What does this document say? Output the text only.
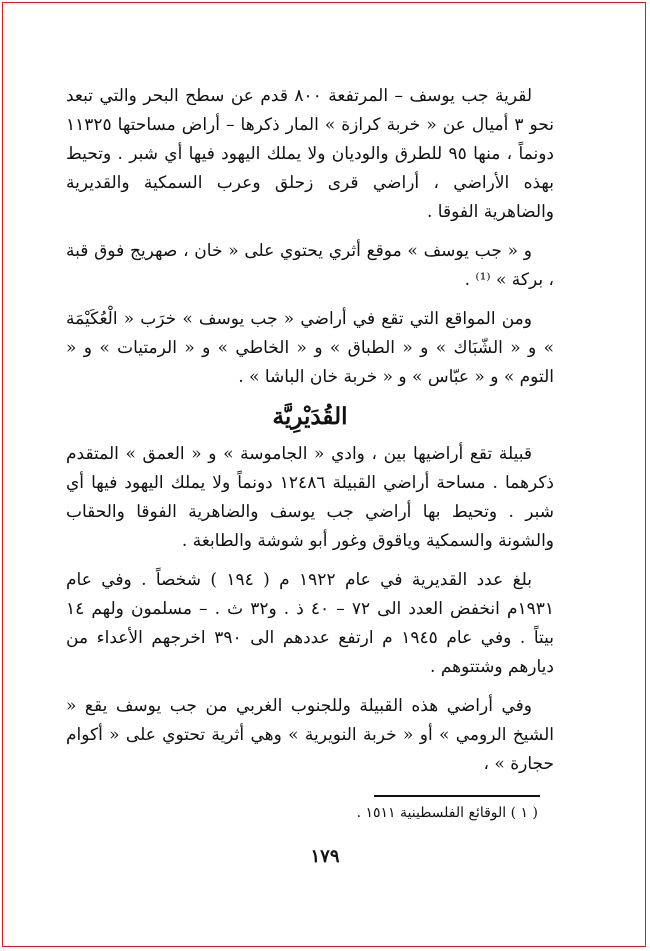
لقرية جب يوسف – المرتفعة ٨٠٠ قدم عن سطح البحر والتي تبعد نحو ٣ أميال عن « خربة كرازة » المار ذكرها – أراض مساحتها ١١٣٢٥ دونماً ، منها ٩٥ للطرق والوديان ولا يملك اليهود فيها أي شبر . وتحيط بهذه الأراضي ، أراضي قرى زحلق وعرب السمكية والقديرية والضاهرية الفوقا .

و « جب يوسف » موقع أثري يحتوي على « خان ، صهريج فوق قبة ، بركة » ⁽¹⁾ .

ومن المواقع التي تقع في أراضي « جب يوسف » خرَب « الْعُكَيْمَة » و « الشّبَاك » و « الطباق » و « الخاطي » و « الرمتيات » و « التوم » و « عبّاس » و « خربة خان الباشا » .

القُدَيْرِيَّة

قبيلة تقع أراضيها بين ، وادي « الجاموسة » و « العمق » المتقدم ذكرهما . مساحة أراضي القبيلة ١٢٤٨٦ دونماً ولا يملك اليهود فيها أي شبر . وتحيط بها أراضي جب يوسف والضاهرية الفوقا والحقاب والشونة والسمكية وياقوق وغور أبو شوشة والطابغة .

بلغ عدد القديرية في عام ١٩٢٢ م ( ١٩٤ ) شخصاً . وفي عام ١٩٣١م انخفض العدد الى ٧٢ – ٤٠ ذ . و٣٢ ث . – مسلمون ولهم ١٤ بيتاً . وفي عام ١٩٤٥ م ارتفع عددهم الى ٣٩٠ اخرجهم الأعداء من ديارهم وشتتوهم .

وفي أراضي هذه القبيلة وللجنوب الغربي من جب يوسف يقع « الشيخ الرومي » أو « خربة النويرية » وهي أثرية تحتوي على « أكوام حجارة » ،

( ١ ) الوقائع الفلسطينية ١٥١١ .
١٧٩
